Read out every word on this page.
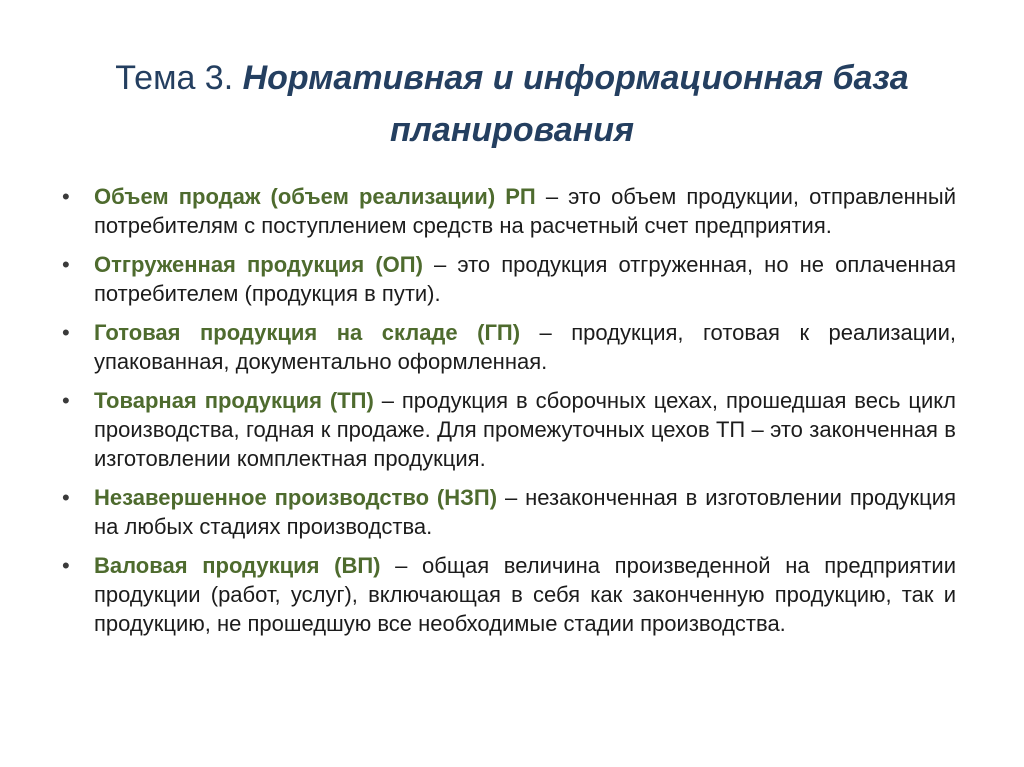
Тема 3. Нормативная и информационная база планирования
• Объем продаж (объем реализации) РП – это объем продукции, отправленный потребителям с поступлением средств на расчетный счет предприятия.
• Отгруженная продукция (ОП) – это продукция отгруженная, но не оплаченная потребителем (продукция в пути).
• Готовая продукция на складе (ГП) – продукция, готовая к реализации, упакованная, документально оформленная.
• Товарная продукция (ТП) – продукция в сборочных цехах, прошедшая весь цикл производства, годная к продаже. Для промежуточных цехов ТП – это законченная в изготовлении комплектная продукция.
• Незавершенное производство (НЗП) – незаконченная в изготовлении продукция на любых стадиях производства.
• Валовая продукция (ВП) – общая величина произведенной на предприятии продукции (работ, услуг), включающая в себя как законченную продукцию, так и продукцию, не прошедшую все необходимые стадии производства.
